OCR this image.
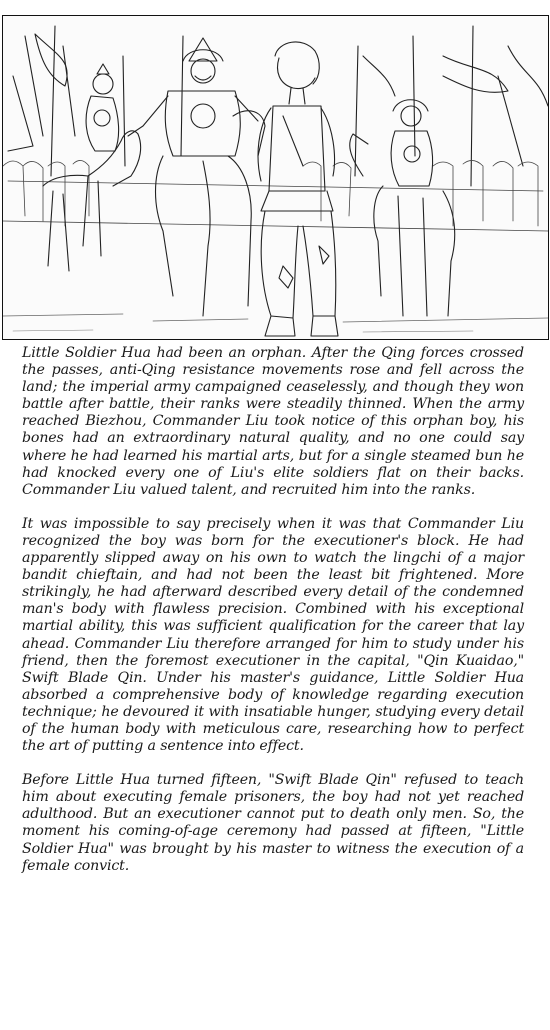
Little Soldier Hua had been an orphan. After the Qing forces crossed the passes, anti-Qing resistance movements rose and fell across the land; the imperial army campaigned ceaselessly, and though they won battle after battle, their ranks were steadily thinned. When the army reached Biezhou, Commander Liu took notice of this orphan boy, his bones had an extraordinary natural quality, and no one could say where he had learned his martial arts, but for a single steamed bun he had knocked every one of Liu's elite soldiers flat on their backs. Commander Liu valued talent, and recruited him into the ranks.

It was impossible to say precisely when it was that Commander Liu recognized the boy was born for the executioner's block. He had apparently slipped away on his own to watch the lingchi of a major bandit chieftain, and had not been the least bit frightened. More strikingly, he had afterward described every detail of the condemned man's body with flawless precision. Combined with his exceptional martial ability, this was sufficient qualification for the career that lay ahead. Commander Liu therefore arranged for him to study under his friend, then the foremost executioner in the capital, "Qin Kuaidao," Swift Blade Qin. Under his master's guidance, Little Soldier Hua absorbed a comprehensive body of knowledge regarding execution technique; he devoured it with insatiable hunger, studying every detail of the human body with meticulous care, researching how to perfect the art of putting a sentence into effect.

Before Little Hua turned fifteen, "Swift Blade Qin" refused to teach him about executing female prisoners, the boy had not yet reached adulthood. But an executioner cannot put to death only men. So, the moment his coming-of-age ceremony had passed at fifteen, "Little Soldier Hua" was brought by his master to witness the execution of a female convict.
